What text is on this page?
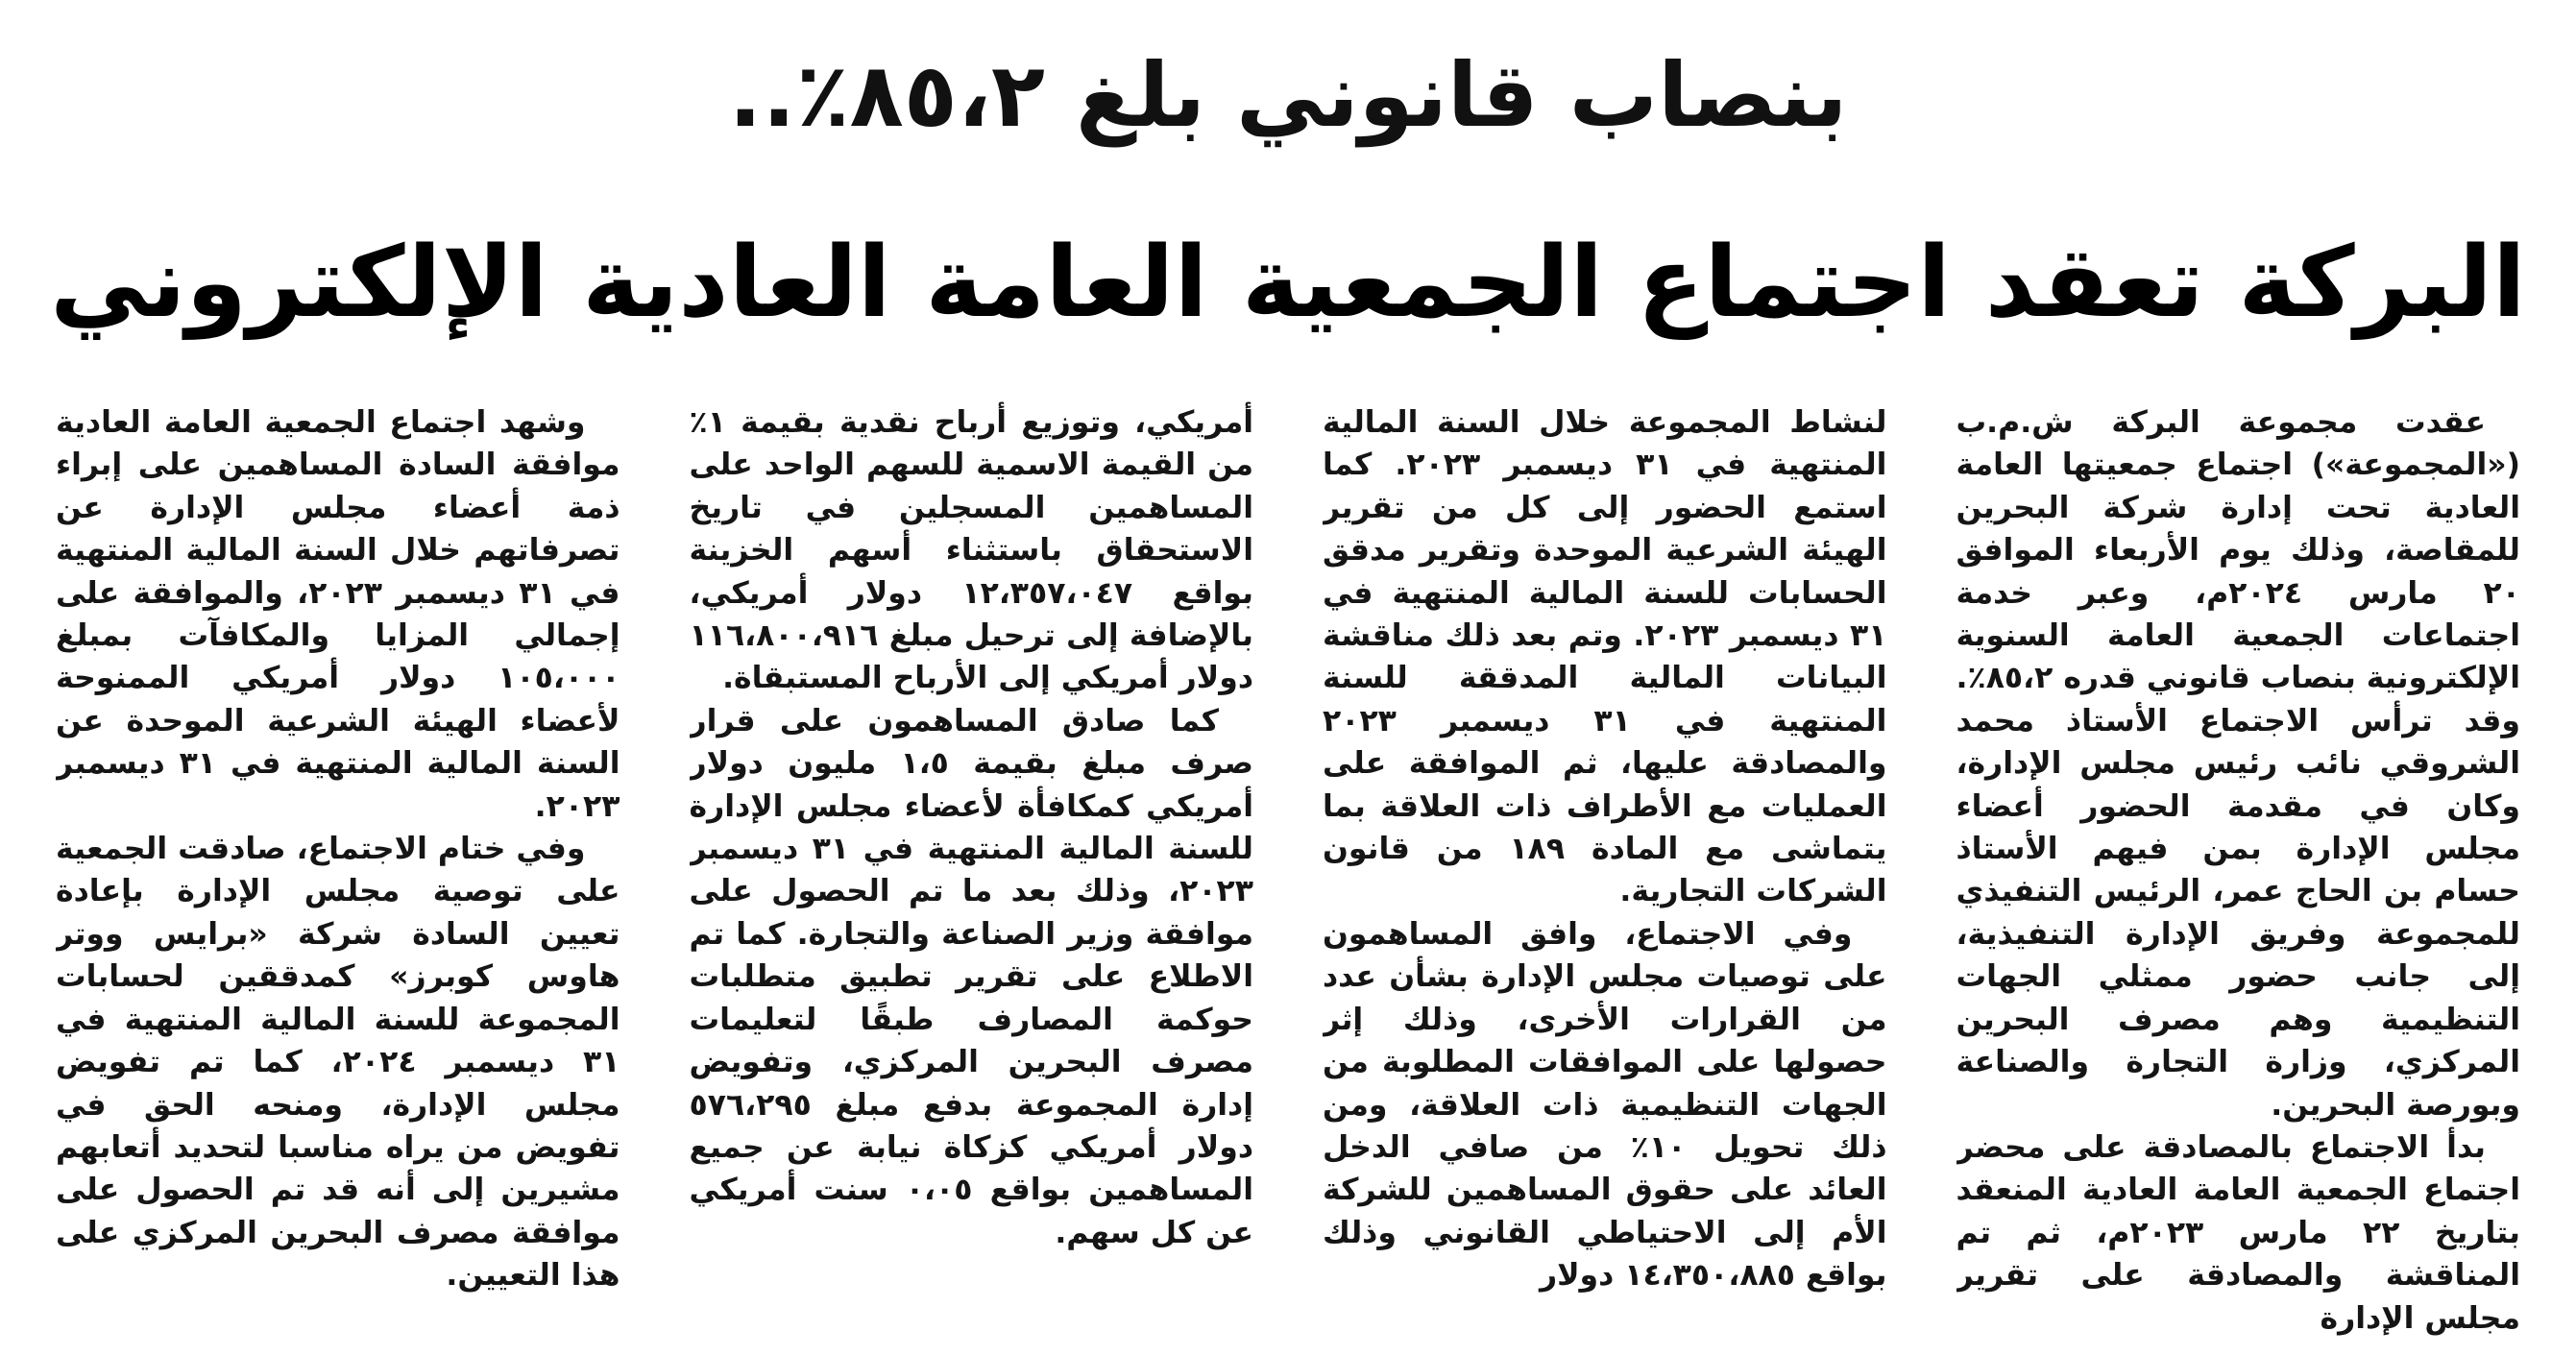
بنصاب قانوني بلغ ٨٥،٢٪..
البركة تعقد اجتماع الجمعية العامة العادية الإلكتروني

عقدت مجموعة البركة ش.م.ب («المجموعة») اجتماع جمعيتها العامة العادية تحت إدارة شركة البحرين للمقاصة، وذلك يوم الأربعاء الموافق ٢٠ مارس ٢٠٢٤م، وعبر خدمة اجتماعات الجمعية العامة السنوية الإلكترونية بنصاب قانوني قدره ٨٥،٢٪. وقد ترأس الاجتماع الأستاذ محمد الشروقي نائب رئيس مجلس الإدارة، وكان في مقدمة الحضور أعضاء مجلس الإدارة بمن فيهم الأستاذ حسام بن الحاج عمر، الرئيس التنفيذي للمجموعة وفريق الإدارة التنفيذية، إلى جانب حضور ممثلي الجهات التنظيمية وهم مصرف البحرين المركزي، وزارة التجارة والصناعة وبورصة البحرين.

بدأ الاجتماع بالمصادقة على محضر اجتماع الجمعية العامة العادية المنعقد بتاريخ ٢٢ مارس ٢٠٢٣م، ثم تم المناقشة والمصادقة على تقرير مجلس الإدارة

لنشاط المجموعة خلال السنة المالية المنتهية في ٣١ ديسمبر ٢٠٢٣. كما استمع الحضور إلى كل من تقرير الهيئة الشرعية الموحدة وتقرير مدقق الحسابات للسنة المالية المنتهية في ٣١ ديسمبر ٢٠٢٣. وتم بعد ذلك مناقشة البيانات المالية المدققة للسنة المنتهية في ٣١ ديسمبر ٢٠٢٣ والمصادقة عليها، ثم الموافقة على العمليات مع الأطراف ذات العلاقة بما يتماشى مع المادة ١٨٩ من قانون الشركات التجارية.

وفي الاجتماع، وافق المساهمون على توصيات مجلس الإدارة بشأن عدد من القرارات الأخرى، وذلك إثر حصولها على الموافقات المطلوبة من الجهات التنظيمية ذات العلاقة، ومن ذلك تحويل ١٠٪ من صافي الدخل العائد على حقوق المساهمين للشركة الأم إلى الاحتياطي القانوني وذلك بواقع ١٤،٣٥٠،٨٨٥ دولار

أمريكي، وتوزيع أرباح نقدية بقيمة ١٪ من القيمة الاسمية للسهم الواحد على المساهمين المسجلين في تاريخ الاستحقاق باستثناء أسهم الخزينة بواقع ١٢،٣٥٧،٠٤٧ دولار أمريكي، بالإضافة إلى ترحيل مبلغ ١١٦،٨٠٠،٩١٦ دولار أمريكي إلى الأرباح المستبقاة.

كما صادق المساهمون على قرار صرف مبلغ بقيمة ١،٥ مليون دولار أمريكي كمكافأة لأعضاء مجلس الإدارة للسنة المالية المنتهية في ٣١ ديسمبر ٢٠٢٣، وذلك بعد ما تم الحصول على موافقة وزير الصناعة والتجارة. كما تم الاطلاع على تقرير تطبيق متطلبات حوكمة المصارف طبقًا لتعليمات مصرف البحرين المركزي، وتفويض إدارة المجموعة بدفع مبلغ ٥٧٦،٢٩٥ دولار أمريكي كزكاة نيابة عن جميع المساهمين بواقع ٠،٠٥ سنت أمريكي عن كل سهم.

وشهد اجتماع الجمعية العامة العادية موافقة السادة المساهمين على إبراء ذمة أعضاء مجلس الإدارة عن تصرفاتهم خلال السنة المالية المنتهية في ٣١ ديسمبر ٢٠٢٣، والموافقة على إجمالي المزايا والمكافآت بمبلغ ١٠٥،٠٠٠ دولار أمريكي الممنوحة لأعضاء الهيئة الشرعية الموحدة عن السنة المالية المنتهية في ٣١ ديسمبر ٢٠٢٣.

وفي ختام الاجتماع، صادقت الجمعية على توصية مجلس الإدارة بإعادة تعيين السادة شركة «برايس ووتر هاوس كوبرز» كمدققين لحسابات المجموعة للسنة المالية المنتهية في ٣١ ديسمبر ٢٠٢٤، كما تم تفويض مجلس الإدارة، ومنحه الحق في تفويض من يراه مناسبا لتحديد أتعابهم مشيرين إلى أنه قد تم الحصول على موافقة مصرف البحرين المركزي على هذا التعيين.
